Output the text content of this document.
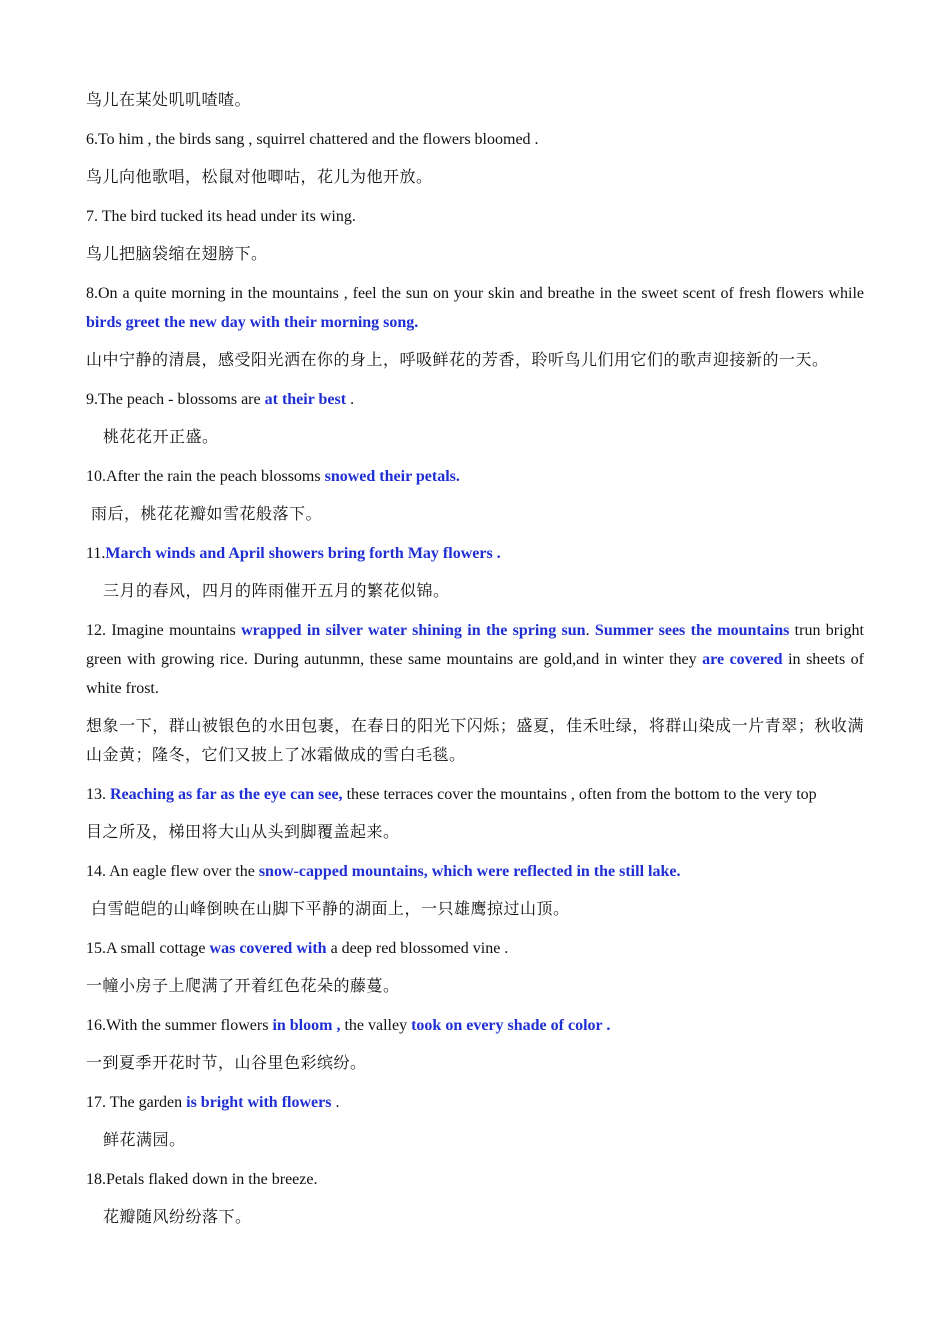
鸟儿在某处叽叽喳喳。

6.To him , the birds sang , squirrel chattered and the flowers bloomed .

鸟儿向他歌唱，松鼠对他唧咕，花儿为他开放。

7. The bird tucked its head under its wing.

鸟儿把脑袋缩在翅膀下。

8.On a quite morning in the mountains , feel the sun on your skin and breathe in the sweet scent of fresh flowers while birds greet the new day with their morning song.

山中宁静的清晨，感受阳光洒在你的身上，呼吸鲜花的芳香，聆听鸟儿们用它们的歌声迎接新的一天。

9.The peach - blossoms are at their best .

桃花花开正盛。

10.After the rain the peach blossoms snowed their petals.

雨后，桃花花瓣如雪花般落下。

11.March winds and April showers bring forth May flowers .

三月的春风，四月的阵雨催开五月的繁花似锦。

12. Imagine mountains wrapped in silver water shining in the spring sun. Summer sees the mountains trun bright green with growing rice. During autunmn, these same mountains are gold,and in winter they are covered in sheets of white frost.

想象一下，群山被银色的水田包裹，在春日的阳光下闪烁；盛夏，佳禾吐绿，将群山染成一片青翠；秋收满山金黄；隆冬，它们又披上了冰霜做成的雪白毛毯。

13. Reaching as far as the eye can see, these terraces cover the mountains , often from the bottom to the very top

目之所及，梯田将大山从头到脚覆盖起来。

14. An eagle flew over the snow-capped mountains, which were reflected in the still lake.

白雪皑皑的山峰倒映在山脚下平静的湖面上，一只雄鹰掠过山顶。

15.A small cottage was covered with a deep red blossomed vine .

一幢小房子上爬满了开着红色花朵的藤蔓。

16.With the summer flowers in bloom , the valley took on every shade of color .

一到夏季开花时节，山谷里色彩缤纷。

17. The garden is bright with flowers .

鲜花满园。

18.Petals flaked down in the breeze.

花瓣随风纷纷落下。
